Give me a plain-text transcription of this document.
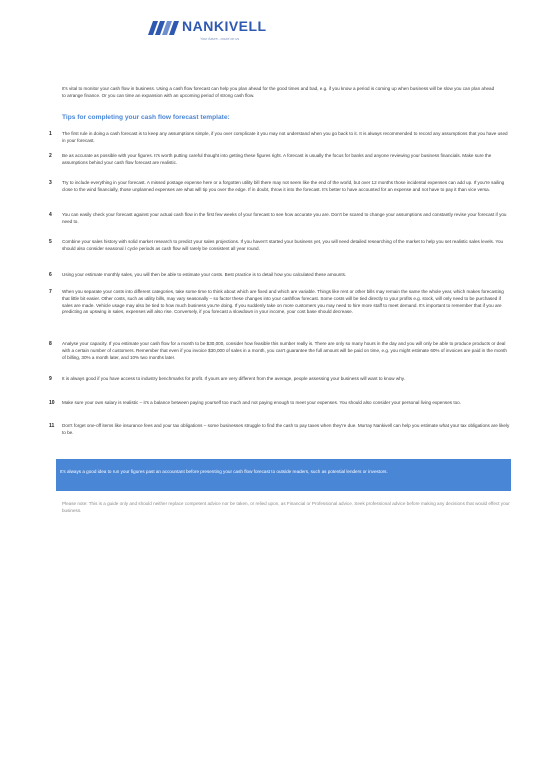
NANKIVELL
Your future...count on us
It's vital to monitor your cash flow in business. Using a cash flow forecast can help you plan ahead for the good times and bad, e.g. if you know a period is coming up when business will be slow you can plan ahead to arrange finance. Or you can time an expansion with an upcoming period of strong cash flow.
Tips for completing your cash flow forecast template:
1	The first rule in doing a cash forecast is to keep any assumptions simple, if you over complicate it you may not understand when you go back to it. It is always recommended to record any assumptions that you have used in your forecast.
2	Be as accurate as possible with your figures. It's worth putting careful thought into getting these figures right. A forecast is usually the focus for banks and anyone reviewing your business financials. Make sure the assumptions behind your cash flow forecast are realistic.
3	Try to include everything in your forecast. A missed postage expense here or a forgotten utility bill there may not seem like the end of the world, but over 12 months those incidental expenses can add up. If you're sailing close to the wind financially, those unplanned expenses are what will tip you over the edge. If in doubt, throw it into the forecast. It's better to have accounted for an expense and not have to pay it than vice versa.
4	You can easily check your forecast against your actual cash flow in the first few weeks of your forecast to see how accurate you are. Don't be scared to change your assumptions and constantly revise your forecast if you need to.
5	Combine your sales history with solid market research to predict your sales projections. If you haven't started your business yet, you will need detailed researching of the market to help you set realistic sales levels. You should also consider seasonal / cycle periods as cash flow will rarely be consistent all year round.
6	Using your estimate monthly sales, you will then be able to estimate your costs. Best practice is to detail how you calculated these amounts.
7	When you separate your costs into different categories, take some time to think about which are fixed and which are variable. Things like rent or other bills may remain the same the whole year, which makes forecasting that little bit easier. Other costs, such as utility bills, may vary seasonally – so factor these changes into your cashflow forecast. Some costs will be tied directly to your profits e.g. stock, will only need to be purchased if sales are made. Vehicle usage may also be tied to how much business you're doing. If you suddenly take on more customers you may need to hire more staff to meet demand. It's important to remember that if you are predicting an upswing in sales, expenses will also rise. Conversely, if you forecast a slowdown in your income, your cost base should decrease.
8	Analyse your capacity. If you estimate your cash flow for a month to be $30,000, consider how feasible this number really is. There are only so many hours in the day and you will only be able to produce products or deal with a certain number of customers. Remember that even if you invoice $30,000 of sales in a month, you can't guarantee the full amount will be paid on time, e.g. you might estimate 60% of invoices are paid in the month of billing, 30% a month later, and 10% two months later.
9	It is always good if you have access to industry benchmarks for profit. If yours are very different from the average, people assessing your business will want to know why.
10	Make sure your own salary is realistic – it's a balance between paying yourself too much and not paying enough to meet your expenses. You should also consider your personal living expenses too.
11	Don't forget one-off items like insurance fees and your tax obligations – some businesses struggle to find the cash to pay taxes when they're due. Murray Nankivell can help you estimate what your tax obligations are likely to be.
It's always a good idea to run your figures past an accountant before presenting your cash flow forecast to outside readers, such as potential lenders or investors.
Please note: This is a guide only and should neither replace competent advice nor be taken, or relied upon, as Financial or Professional advice. Seek professional advice before making any decisions that would effect your business.
